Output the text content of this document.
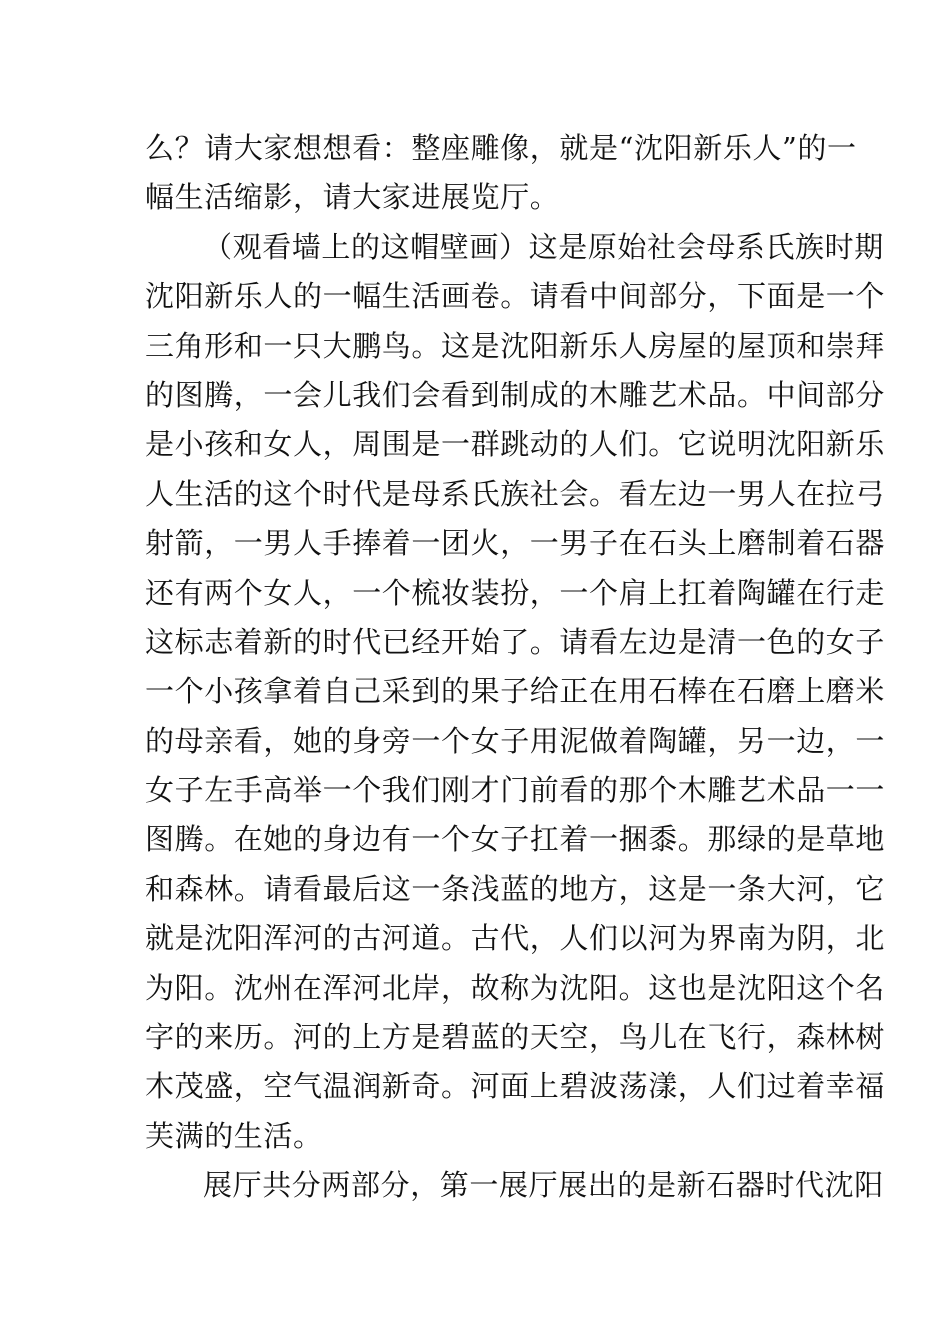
么？请大家想想看：整座雕像，就是“沈阳新乐人”的一
幅生活缩影，请大家进展览厅。
（观看墙上的这帽壁画）这是原始社会母系氏族时期
沈阳新乐人的一幅生活画卷。请看中间部分，下面是一个
三角形和一只大鹏鸟。这是沈阳新乐人房屋的屋顶和崇拜
的图腾，一会儿我们会看到制成的木雕艺术品。中间部分
是小孩和女人，周围是一群跳动的人们。它说明沈阳新乐
人生活的这个时代是母系氏族社会。看左边一男人在拉弓
射箭，一男人手捧着一团火，一男子在石头上磨制着石器
还有两个女人，一个梳妆装扮，一个肩上扛着陶罐在行走
这标志着新的时代已经开始了。请看左边是清一色的女子
一个小孩拿着自己采到的果子给正在用石棒在石磨上磨米
的母亲看，她的身旁一个女子用泥做着陶罐，另一边，一
女子左手高举一个我们刚才门前看的那个木雕艺术品一一
图腾。在她的身边有一个女子扛着一捆黍。那绿的是草地
和森林。请看最后这一条浅蓝的地方，这是一条大河，它
就是沈阳浑河的古河道。古代，人们以河为界南为阴，北
为阳。沈州在浑河北岸，故称为沈阳。这也是沈阳这个名
字的来历。河的上方是碧蓝的天空，鸟儿在飞行，森林树
木茂盛，空气温润新奇。河面上碧波荡漾，人们过着幸福
芙满的生活。
展厅共分两部分，第一展厅展出的是新石器时代沈阳
